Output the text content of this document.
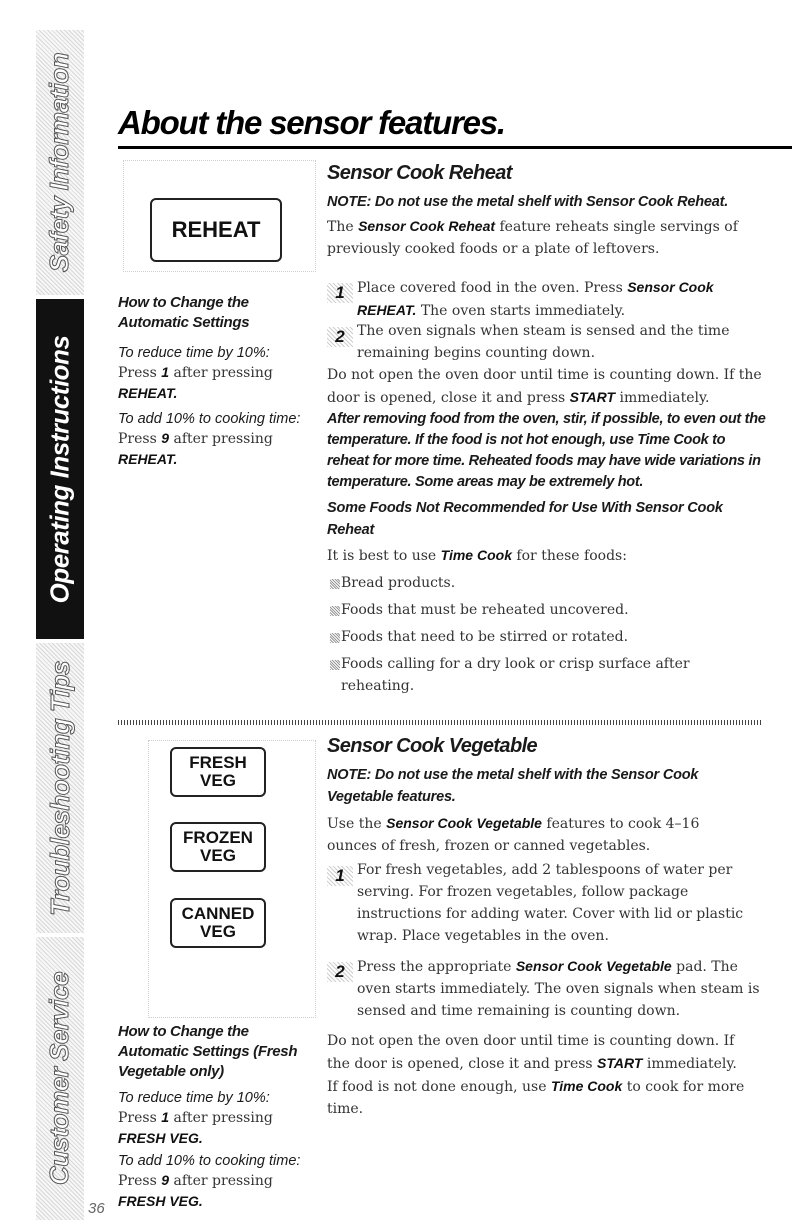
Safety Information
Operating Instructions
Troubleshooting Tips
Customer Service
About the sensor features.
REHEAT
How to Change the Automatic Settings
To reduce time by 10%:
Press 1 after pressing
REHEAT.
To add 10% to cooking time:
Press 9 after pressing
REHEAT.
Sensor Cook Reheat
NOTE: Do not use the metal shelf with Sensor Cook Reheat.
The Sensor Cook Reheat feature reheats single servings of previously cooked foods or a plate of leftovers.
1 Place covered food in the oven. Press Sensor Cook REHEAT. The oven starts immediately.
2 The oven signals when steam is sensed and the time remaining begins counting down.
Do not open the oven door until time is counting down. If the door is opened, close it and press START immediately.
After removing food from the oven, stir, if possible, to even out the temperature. If the food is not hot enough, use Time Cook to reheat for more time. Reheated foods may have wide variations in temperature. Some areas may be extremely hot.
Some Foods Not Recommended for Use With Sensor Cook Reheat
It is best to use Time Cook for these foods:
Bread products.
Foods that must be reheated uncovered.
Foods that need to be stirred or rotated.
Foods calling for a dry look or crisp surface after reheating.
FRESH
VEG
FROZEN
VEG
CANNED
VEG
How to Change the Automatic Settings (Fresh Vegetable only)
To reduce time by 10%:
Press 1 after pressing
FRESH VEG.
To add 10% to cooking time:
Press 9 after pressing
FRESH VEG.
Sensor Cook Vegetable
NOTE: Do not use the metal shelf with the Sensor Cook Vegetable features.
Use the Sensor Cook Vegetable features to cook 4–16 ounces of fresh, frozen or canned vegetables.
1 For fresh vegetables, add 2 tablespoons of water per serving. For frozen vegetables, follow package instructions for adding water. Cover with lid or plastic wrap. Place vegetables in the oven.
2 Press the appropriate Sensor Cook Vegetable pad. The oven starts immediately. The oven signals when steam is sensed and time remaining is counting down.
Do not open the oven door until time is counting down. If the door is opened, close it and press START immediately. If food is not done enough, use Time Cook to cook for more time.
36
